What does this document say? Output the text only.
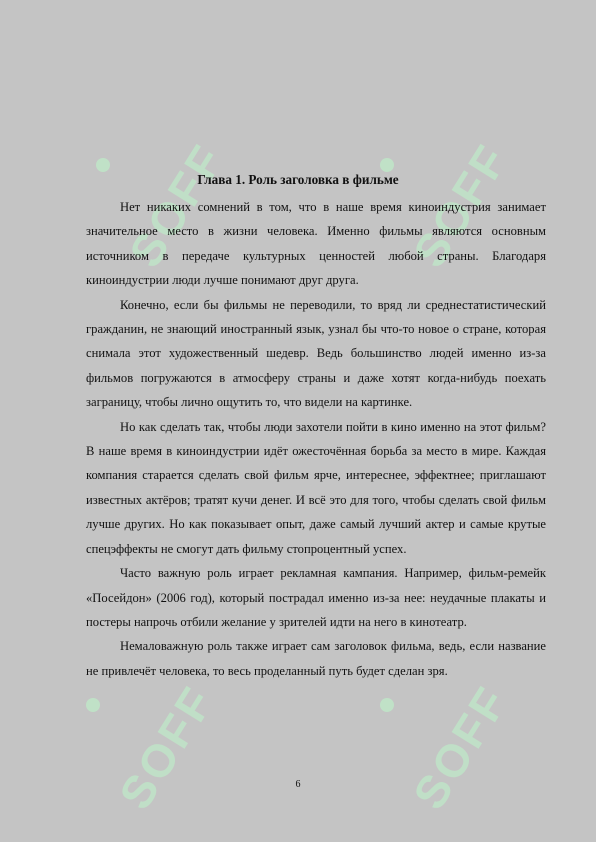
SOFF	SOFF
SOFF	SOFF
Глава 1. Роль заголовка в фильме

Нет никаких сомнений в том, что в наше время киноиндустрия занимает значительное место в жизни человека. Именно фильмы являются основным источником в передаче культурных ценностей любой страны. Благодаря киноиндустрии люди лучше понимают друг друга.

Конечно, если бы фильмы не переводили, то вряд ли среднестатистический гражданин, не знающий иностранный язык, узнал бы что-то новое о стране, которая снимала этот художественный шедевр. Ведь большинство людей именно из-за фильмов погружаются в атмосферу страны и даже хотят когда-нибудь поехать заграницу, чтобы лично ощутить то, что видели на картинке.

Но как сделать так, чтобы люди захотели пойти в кино именно на этот фильм? В наше время в киноиндустрии идёт ожесточённая борьба за место в мире. Каждая компания старается сделать свой фильм ярче, интереснее, эффектнее; приглашают известных актёров; тратят кучи денег. И всё это для того, чтобы сделать свой фильм лучше других. Но как показывает опыт, даже самый лучший актер и самые крутые спецэффекты не смогут дать фильму стопроцентный успех.

Часто важную роль играет рекламная кампания. Например, фильм-ремейк «Посейдон» (2006 год), который пострадал именно из-за нее: неудачные плакаты и постеры напрочь отбили желание у зрителей идти на него в кинотеатр.

Немаловажную роль также играет сам заголовок фильма, ведь, если название не привлечёт человека, то весь проделанный путь будет сделан зря.

6
